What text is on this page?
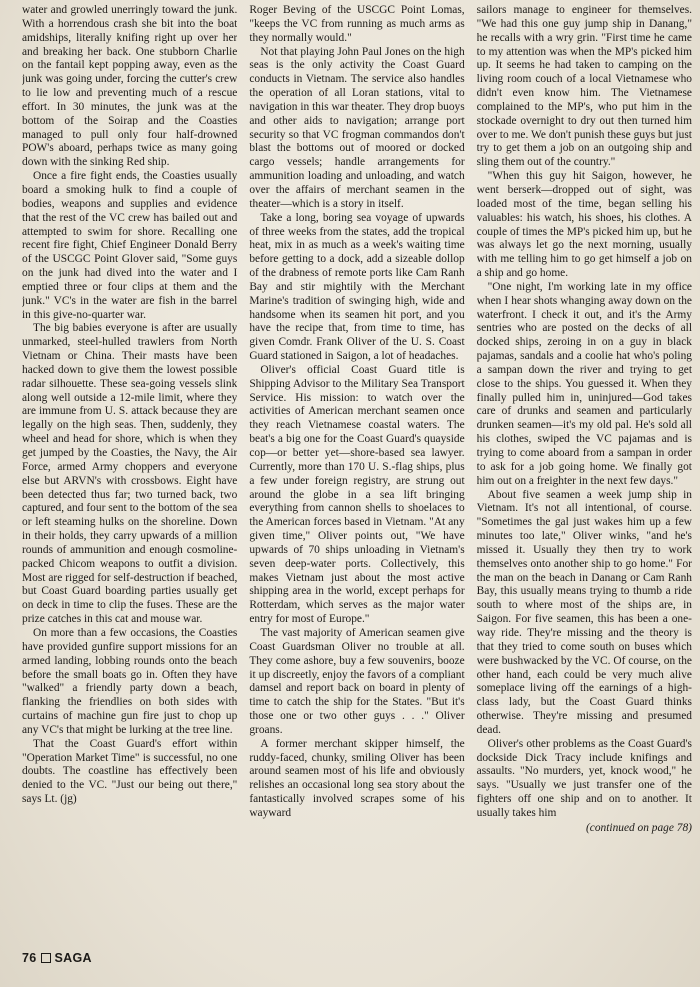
water and growled unerringly toward the junk. With a horrendous crash she bit into the boat amidships, literally knifing right up over her and breaking her back. One stubborn Charlie on the fantail kept popping away, even as the junk was going under, forcing the cutter's crew to lie low and preventing much of a rescue effort. In 30 minutes, the junk was at the bottom of the Soirap and the Coasties managed to pull only four half-drowned POW's aboard, perhaps twice as many going down with the sinking Red ship.

Once a fire fight ends, the Coasties usually board a smoking hulk to find a couple of bodies, weapons and supplies and evidence that the rest of the VC crew has bailed out and attempted to swim for shore. Recalling one recent fire fight, Chief Engineer Donald Berry of the USCGC Point Glover said, "Some guys on the junk had dived into the water and I emptied three or four clips at them and the junk." VC's in the water are fish in the barrel in this give-no-quarter war.

The big babies everyone is after are usually unmarked, steel-hulled trawlers from North Vietnam or China. Their masts have been hacked down to give them the lowest possible radar silhouette. These sea-going vessels slink along well outside a 12-mile limit, where they are immune from U. S. attack because they are legally on the high seas. Then, suddenly, they wheel and head for shore, which is when they get jumped by the Coasties, the Navy, the Air Force, armed Army choppers and everyone else but ARVN's with crossbows. Eight have been detected thus far; two turned back, two captured, and four sent to the bottom of the sea or left steaming hulks on the shoreline. Down in their holds, they carry upwards of a million rounds of ammunition and enough cosmoline-packed Chicom weapons to outfit a division. Most are rigged for self-destruction if beached, but Coast Guard boarding parties usually get on deck in time to clip the fuses. These are the prize catches in this cat and mouse war.

On more than a few occasions, the Coasties have provided gunfire support missions for an armed landing, lobbing rounds onto the beach before the small boats go in. Often they have "walked" a friendly party down a beach, flanking the friendlies on both sides with curtains of machine gun fire just to chop up any VC's that might be lurking at the tree line.

That the Coast Guard's effort within "Operation Market Time" is successful, no one doubts. The coastline has effectively been denied to the VC. "Just our being out there," says Lt. (jg)

Roger Beving of the USCGC Point Lomas, "keeps the VC from running as much arms as they normally would."

Not that playing John Paul Jones on the high seas is the only activity the Coast Guard conducts in Vietnam. The service also handles the operation of all Loran stations, vital to navigation in this war theater. They drop buoys and other aids to navigation; arrange port security so that VC frogman commandos don't blast the bottoms out of moored or docked cargo vessels; handle arrangements for ammunition loading and unloading, and watch over the affairs of merchant seamen in the theater—which is a story in itself.

Take a long, boring sea voyage of upwards of three weeks from the states, add the tropical heat, mix in as much as a week's waiting time before getting to a dock, add a sizeable dollop of the drabness of remote ports like Cam Ranh Bay and stir mightily with the Merchant Marine's tradition of swinging high, wide and handsome when its seamen hit port, and you have the recipe that, from time to time, has given Comdr. Frank Oliver of the U. S. Coast Guard stationed in Saigon, a lot of headaches.

Oliver's official Coast Guard title is Shipping Advisor to the Military Sea Transport Service. His mission: to watch over the activities of American merchant seamen once they reach Vietnamese coastal waters. The beat's a big one for the Coast Guard's quayside cop—or better yet—shore-based sea lawyer. Currently, more than 170 U. S.-flag ships, plus a few under foreign registry, are strung out around the globe in a sea lift bringing everything from cannon shells to shoelaces to the American forces based in Vietnam. "At any given time," Oliver points out, "We have upwards of 70 ships unloading in Vietnam's seven deep-water ports. Collectively, this makes Vietnam just about the most active shipping area in the world, except perhaps for Rotterdam, which serves as the major water entry for most of Europe."

The vast majority of American seamen give Coast Guardsman Oliver no trouble at all. They come ashore, buy a few souvenirs, booze it up discreetly, enjoy the favors of a compliant damsel and report back on board in plenty of time to catch the ship for the States. "But it's those one or two other guys . . ." Oliver groans.

A former merchant skipper himself, the ruddy-faced, chunky, smiling Oliver has been around seamen most of his life and obviously relishes an occasional long sea story about the fantastically involved scrapes some of his wayward

sailors manage to engineer for themselves. "We had this one guy jump ship in Danang," he recalls with a wry grin. "First time he came to my attention was when the MP's picked him up. It seems he had taken to camping on the living room couch of a local Vietnamese who didn't even know him. The Vietnamese complained to the MP's, who put him in the stockade overnight to dry out then turned him over to me. We don't punish these guys but just try to get them a job on an outgoing ship and sling them out of the country."

"When this guy hit Saigon, however, he went berserk—dropped out of sight, was loaded most of the time, began selling his valuables: his watch, his shoes, his clothes. A couple of times the MP's picked him up, but he was always let go the next morning, usually with me telling him to go get himself a job on a ship and go home.

"One night, I'm working late in my office when I hear shots whanging away down on the waterfront. I check it out, and it's the Army sentries who are posted on the decks of all docked ships, zeroing in on a guy in black pajamas, sandals and a coolie hat who's poling a sampan down the river and trying to get close to the ships. You guessed it. When they finally pulled him in, uninjured—God takes care of drunks and seamen and particularly drunken seamen—it's my old pal. He's sold all his clothes, swiped the VC pajamas and is trying to come aboard from a sampan in order to ask for a job going home. We finally got him out on a freighter in the next few days."

About five seamen a week jump ship in Vietnam. It's not all intentional, of course. "Sometimes the gal just wakes him up a few minutes too late," Oliver winks, "and he's missed it. Usually they then try to work themselves onto another ship to go home." For the man on the beach in Danang or Cam Ranh Bay, this usually means trying to thumb a ride south to where most of the ships are, in Saigon. For five seamen, this has been a one-way ride. They're missing and the theory is that they tried to come south on buses which were bushwacked by the VC. Of course, on the other hand, each could be very much alive someplace living off the earnings of a high-class lady, but the Coast Guard thinks otherwise. They're missing and presumed dead.

Oliver's other problems as the Coast Guard's dockside Dick Tracy include knifings and assaults. "No murders, yet, knock wood," he says. "Usually we just transfer one of the fighters off one ship and on to another. It usually takes him

(continued on page 78)
76 SAGA
